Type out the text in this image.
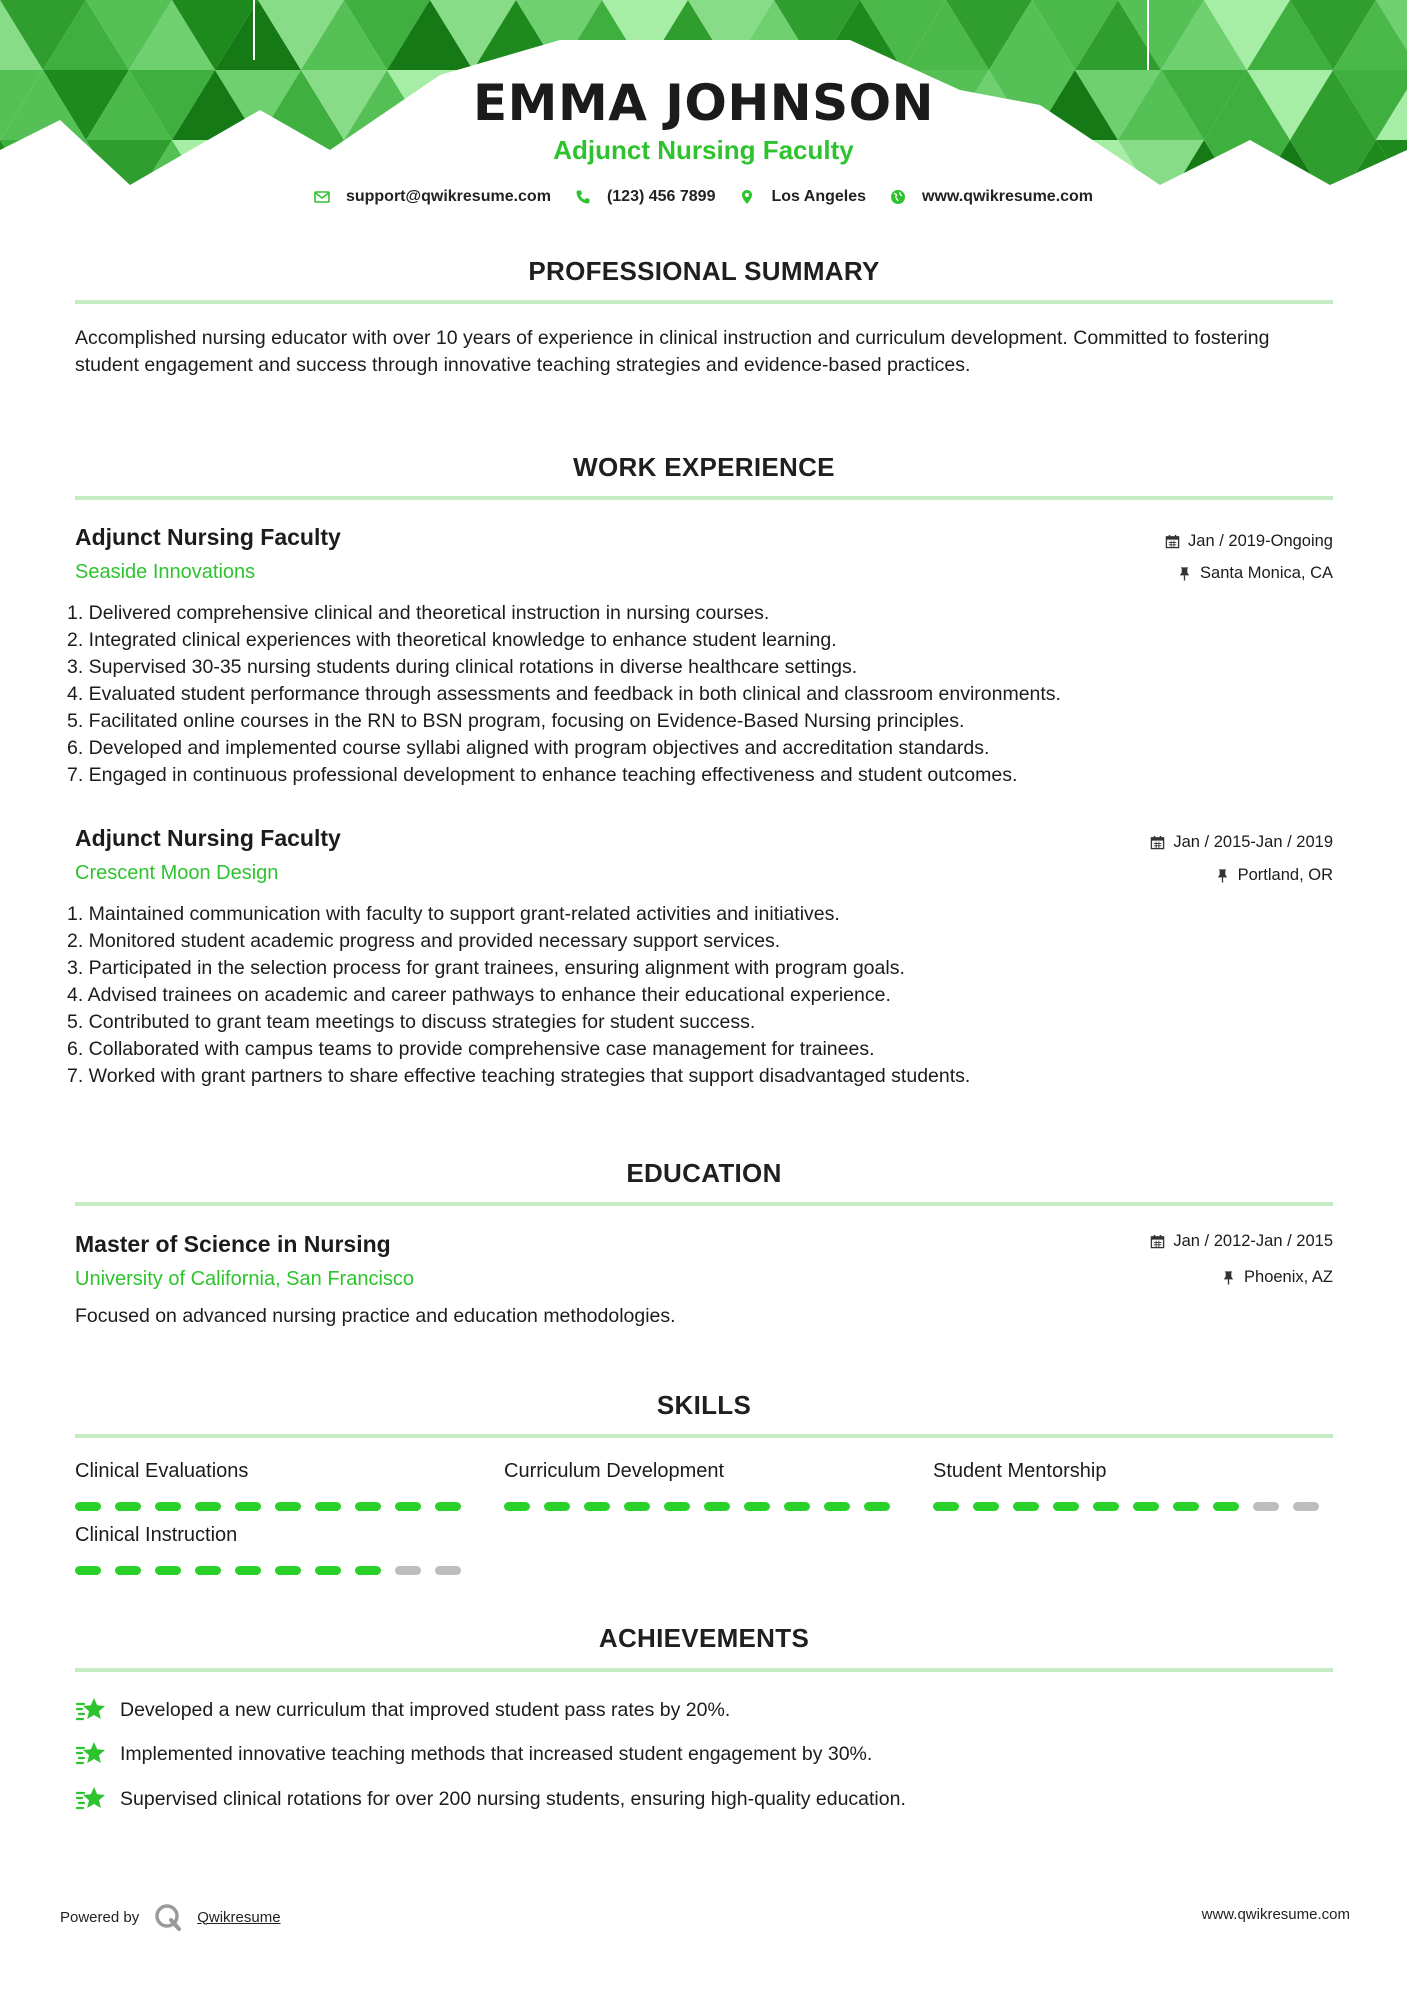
EMMA JOHNSON
Adjunct Nursing Faculty
support@qwikresume.com	(123) 456 7899	Los Angeles	www.qwikresume.com
PROFESSIONAL SUMMARY
Accomplished nursing educator with over 10 years of experience in clinical instruction and curriculum development. Committed to fostering student engagement and success through innovative teaching strategies and evidence-based practices.
WORK EXPERIENCE
Adjunct Nursing Faculty
Seaside Innovations
Jan / 2019-Ongoing
Santa Monica, CA
1. Delivered comprehensive clinical and theoretical instruction in nursing courses.
2. Integrated clinical experiences with theoretical knowledge to enhance student learning.
3. Supervised 30-35 nursing students during clinical rotations in diverse healthcare settings.
4. Evaluated student performance through assessments and feedback in both clinical and classroom environments.
5. Facilitated online courses in the RN to BSN program, focusing on Evidence-Based Nursing principles.
6. Developed and implemented course syllabi aligned with program objectives and accreditation standards.
7. Engaged in continuous professional development to enhance teaching effectiveness and student outcomes.
Adjunct Nursing Faculty
Crescent Moon Design
Jan / 2015-Jan / 2019
Portland, OR
1. Maintained communication with faculty to support grant-related activities and initiatives.
2. Monitored student academic progress and provided necessary support services.
3. Participated in the selection process for grant trainees, ensuring alignment with program goals.
4. Advised trainees on academic and career pathways to enhance their educational experience.
5. Contributed to grant team meetings to discuss strategies for student success.
6. Collaborated with campus teams to provide comprehensive case management for trainees.
7. Worked with grant partners to share effective teaching strategies that support disadvantaged students.
EDUCATION
Master of Science in Nursing
University of California, San Francisco
Jan / 2012-Jan / 2015
Phoenix, AZ
Focused on advanced nursing practice and education methodologies.
SKILLS
Clinical Evaluations	Curriculum Development	Student Mentorship
Clinical Instruction
ACHIEVEMENTS
Developed a new curriculum that improved student pass rates by 20%.
Implemented innovative teaching methods that increased student engagement by 30%.
Supervised clinical rotations for over 200 nursing students, ensuring high-quality education.
Powered by	Qwikresume	www.qwikresume.com
